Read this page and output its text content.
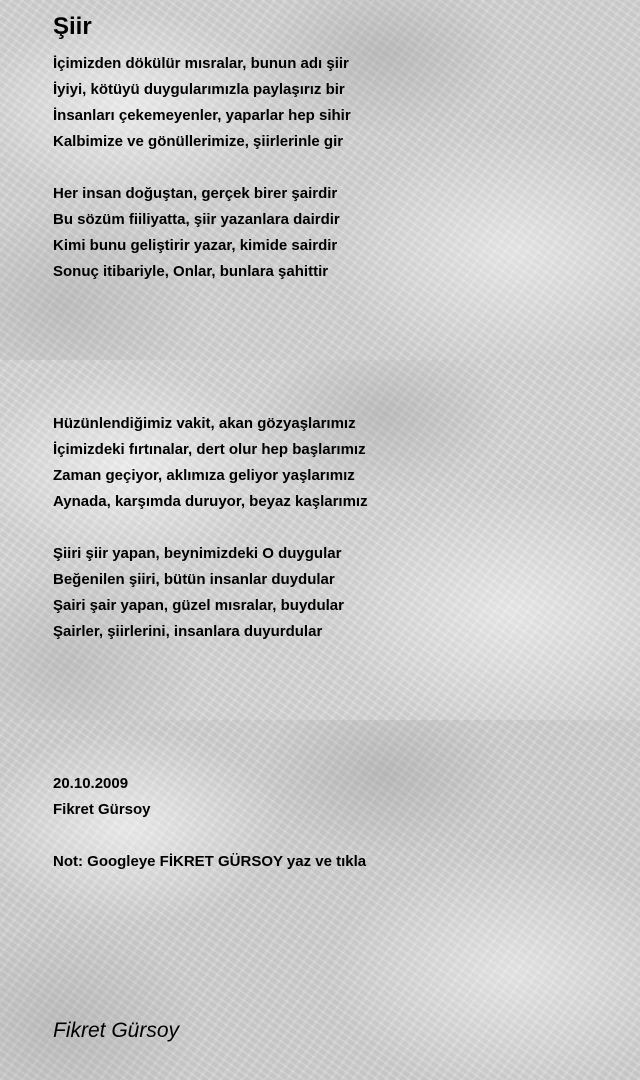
Şiir
İçimizden dökülür mısralar, bunun adı şiir
İyiyi, kötüyü duygularımızla paylaşırız bir
İnsanları çekemeyenler, yaparlar hep sihir
Kalbimize ve gönüllerimize, şiirlerinle gir
Her insan doğuştan, gerçek birer şairdir
Bu sözüm fiiliyatta, şiir yazanlara dairdir
Kimi bunu geliştirir yazar, kimide sairdir
Sonuç itibariyle, Onlar, bunlara şahittir
Hüzünlendiğimiz vakit, akan gözyaşlarımız
İçimizdeki fırtınalar, dert olur hep başlarımız
Zaman geçiyor, aklımıza geliyor yaşlarımız
Aynada, karşımda duruyor, beyaz kaşlarımız
Şiiri şiir yapan, beynimizdeki O duygular
Beğenilen şiiri, bütün insanlar duydular
Şairi şair yapan, güzel mısralar, buydular
Şairler, şiirlerini, insanlara duyurdular
20.10.2009
Fikret Gürsoy
Not: Googleye FİKRET GÜRSOY yaz ve tıkla
Fikret Gürsoy
